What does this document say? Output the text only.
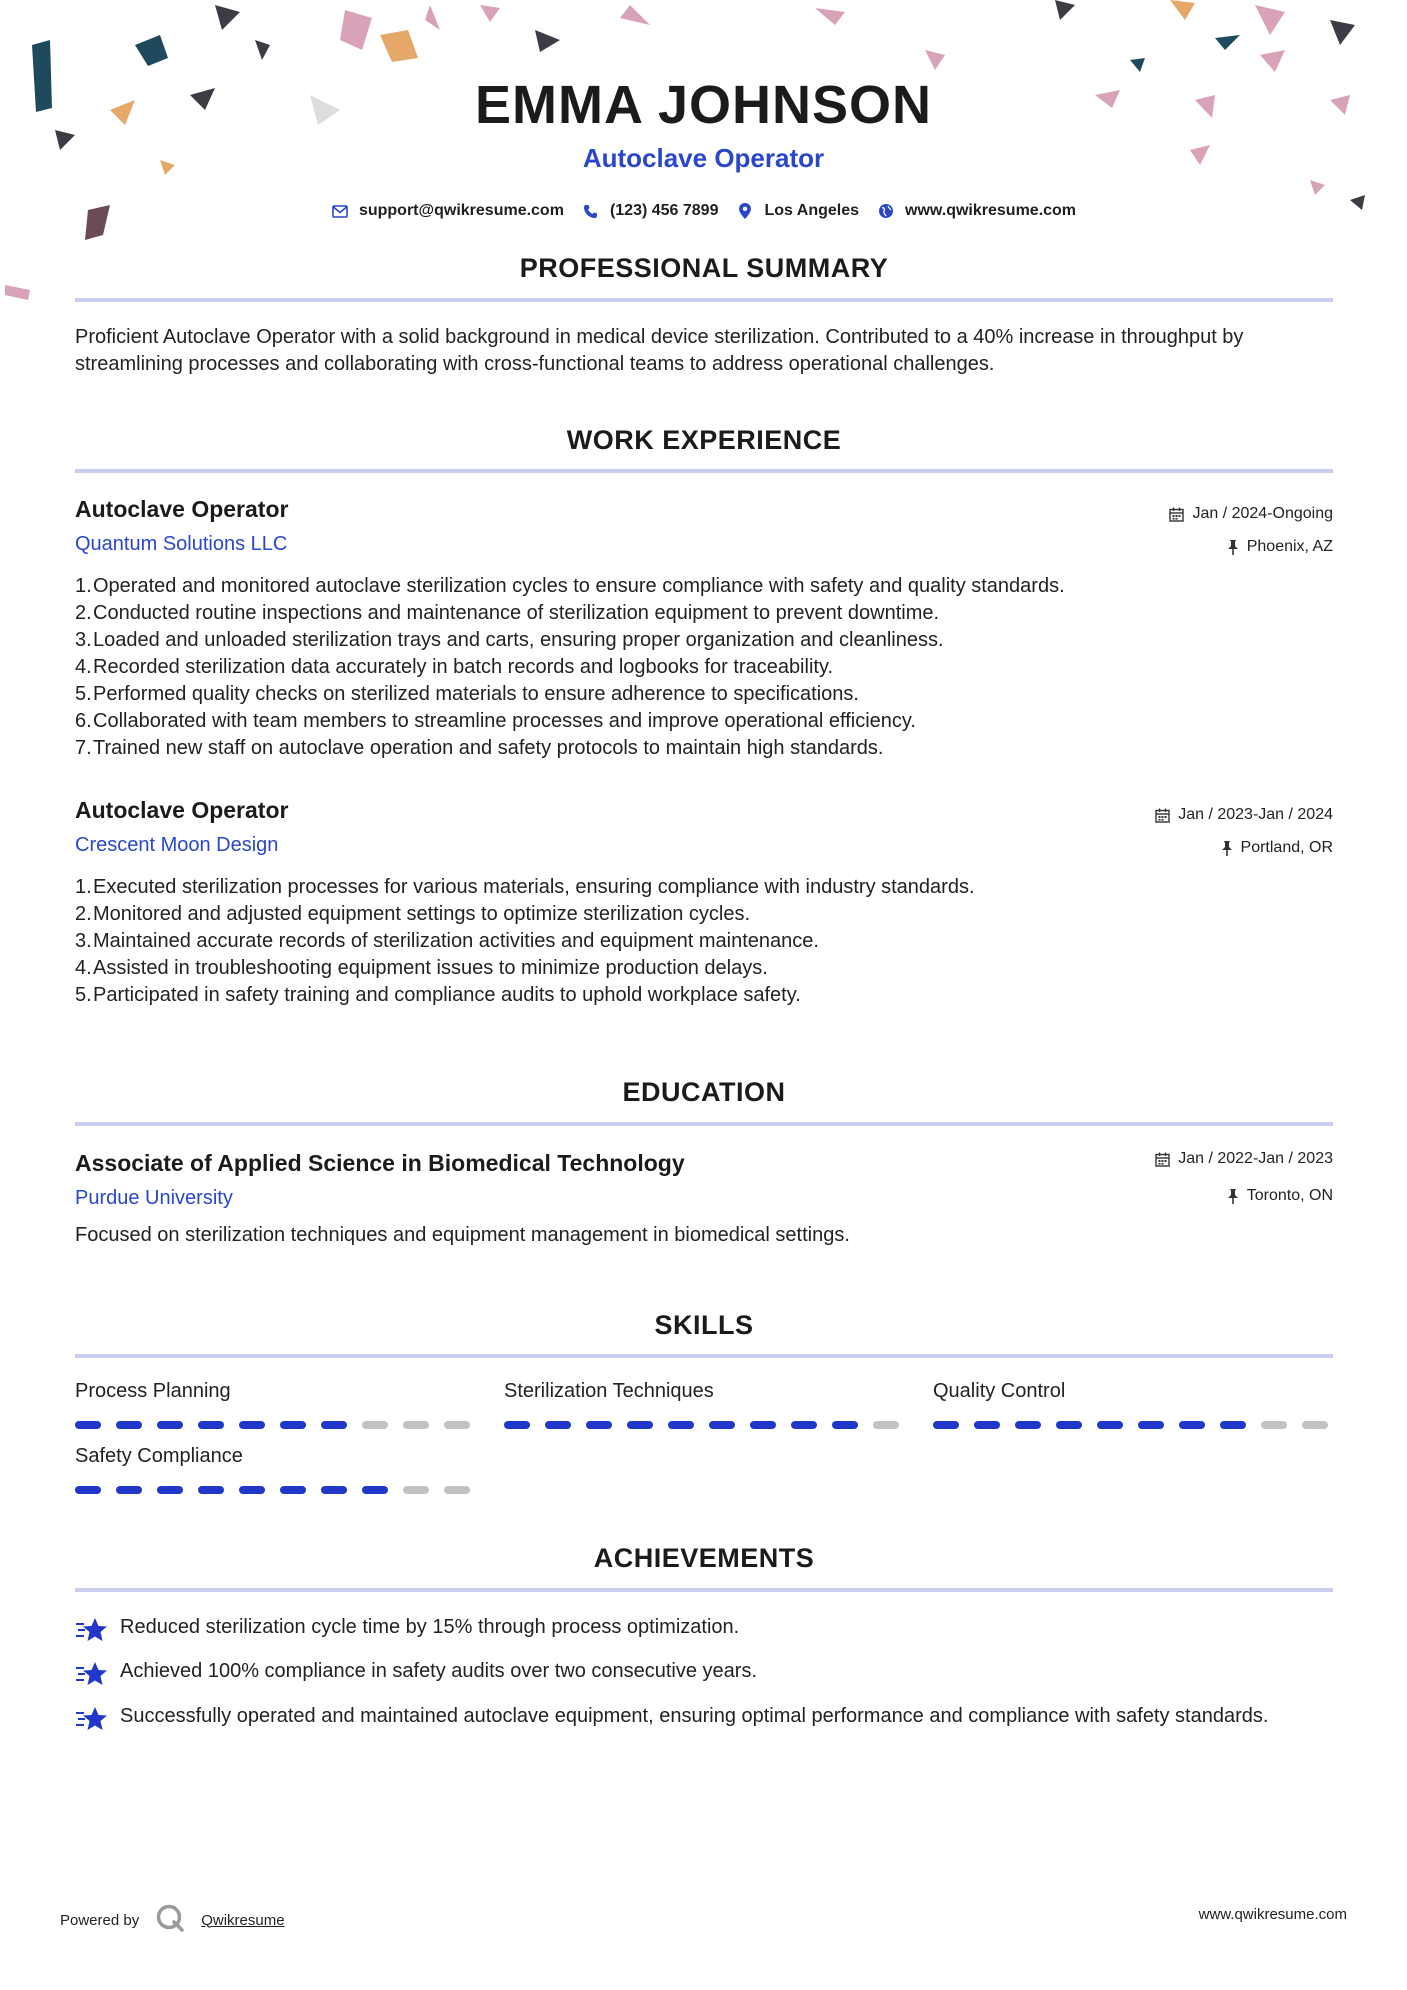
EMMA JOHNSON
Autoclave Operator
support@qwikresume.com	(123) 456 7899	Los Angeles	www.qwikresume.com
PROFESSIONAL SUMMARY
Proficient Autoclave Operator with a solid background in medical device sterilization. Contributed to a 40% increase in throughput by streamlining processes and collaborating with cross-functional teams to address operational challenges.
WORK EXPERIENCE
Autoclave Operator
Quantum Solutions LLC
Jan / 2024-Ongoing
Phoenix, AZ
1. Operated and monitored autoclave sterilization cycles to ensure compliance with safety and quality standards.
2. Conducted routine inspections and maintenance of sterilization equipment to prevent downtime.
3. Loaded and unloaded sterilization trays and carts, ensuring proper organization and cleanliness.
4. Recorded sterilization data accurately in batch records and logbooks for traceability.
5. Performed quality checks on sterilized materials to ensure adherence to specifications.
6. Collaborated with team members to streamline processes and improve operational efficiency.
7. Trained new staff on autoclave operation and safety protocols to maintain high standards.
Autoclave Operator
Crescent Moon Design
Jan / 2023-Jan / 2024
Portland, OR
1. Executed sterilization processes for various materials, ensuring compliance with industry standards.
2. Monitored and adjusted equipment settings to optimize sterilization cycles.
3. Maintained accurate records of sterilization activities and equipment maintenance.
4. Assisted in troubleshooting equipment issues to minimize production delays.
5. Participated in safety training and compliance audits to uphold workplace safety.
EDUCATION
Associate of Applied Science in Biomedical Technology
Purdue University
Jan / 2022-Jan / 2023
Toronto, ON
Focused on sterilization techniques and equipment management in biomedical settings.
SKILLS
Process Planning	Sterilization Techniques	Quality Control
Safety Compliance
ACHIEVEMENTS
Reduced sterilization cycle time by 15% through process optimization.
Achieved 100% compliance in safety audits over two consecutive years.
Successfully operated and maintained autoclave equipment, ensuring optimal performance and compliance with safety standards.
Powered by	Qwikresume	www.qwikresume.com
